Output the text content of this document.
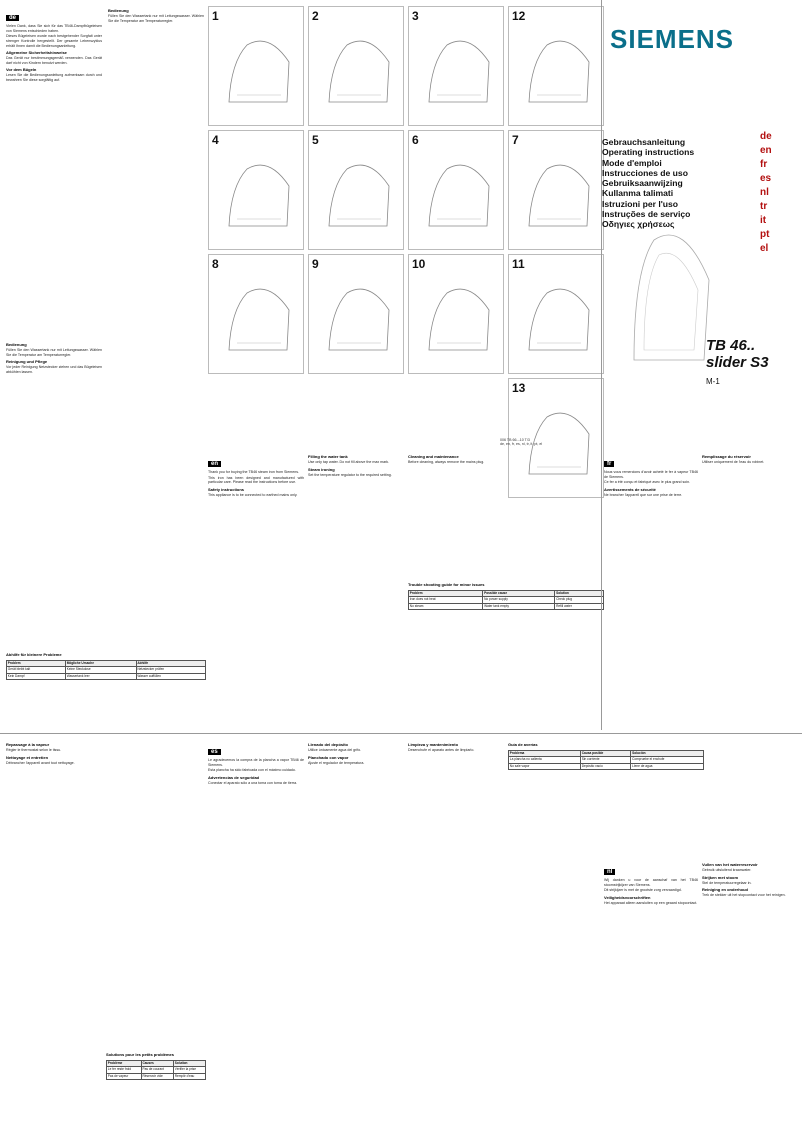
de

Vielen Dank, dass Sie sich für das TB46-Dampfbügeleisen von Siemens entschieden haben.

Dieses Bügeleisen wurde nach bestgehender Sorgfalt unter strenger Kontrolle hergestellt. Der gesamte Lebenszyklus erhält Ihnen damit die Bedienungsanleitung.

Allgemeine Sicherheitshinweise

Das Gerät nur bestimmungsgemäß verwenden. Das Gerät darf nicht von Kindern benutzt werden.

Vor dem Bügeln

Lesen Sie die Bedienungsanleitung aufmerksam durch und bewahren Sie diese sorgfältig auf.

Bedienung

Füllen Sie den Wassertank nur mit Leitungswasser. Wählen Sie die Temperatur am Temperaturregler.

Reinigung und Pflege

Vor jeder Reinigung Netzstecker ziehen und das Bügeleisen abkühlen lassen.

Bedienung

Füllen Sie den Wassertank nur mit Leitungswasser. Wählen Sie die Temperatur am Temperaturregler.

Abhilfe für kleinere Probleme
Problem	Mögliche Ursache	Abhilfe
Gerät bleibt kalt	Keine Steckdose	Netzstecker prüfen
Kein Dampf	Wassertank leer	Wasser auffüllen
1	2	3
4	5	6	7
8	9	10	11
12
13
SIEMENS
Gebrauchsanleitung
Operating instructions
Mode d'emploi
Instrucciones de uso
Gebruiksaanwijzing
Kullanma talimati
Istruzioni per l'uso
Instruções de serviço
Οδηγιες χρήσεως
de
en
fr
es
nl
tr
it
pt
el
TB 46..
slider S3
M-1
006 TB 66..-10 T/3
de, en, fr, es, nl, tr, it, pt, el
en

Thank you for buying the TB46 steam iron from Siemens.

This iron has been designed and manufactured with particular care. Please read the instructions before use.

Safety instructions

This appliance is to be connected to earthed mains only.

Filling the water tank

Use only tap water. Do not fill above the max mark.

Steam ironing

Set the temperature regulator to the required setting.

Cleaning and maintenance

Before cleaning, always remove the mains plug.

Trouble shooting guide for minor issues
Problem	Possible cause	Solution
Iron does not heat	No power supply	Check plug
No steam	Water tank empty	Refill water
fr

Nous vous remercions d'avoir acheté le fer à vapeur TB46 de Siemens.

Ce fer a été conçu et fabriqué avec le plus grand soin.

Avertissements de sécurité

Ne brancher l'appareil que sur une prise de terre.

Remplissage du réservoir

Utiliser uniquement de l'eau du robinet.

Repassage à la vapeur

Régler le thermostat selon le tissu.

Nettoyage et entretien

Débrancher l'appareil avant tout nettoyage.

Solutions pour les petits problèmes
Problème	Causes	Solution
Le fer reste froid	Pas de courant	Vérifier la prise
Pas de vapeur	Réservoir vide	Remplir d'eau
es

Le agradecemos la compra de la plancha a vapor TB46 de Siemens.

Esta plancha ha sido fabricada con el máximo cuidado.

Advertencias de seguridad

Conectar el aparato sólo a una toma con toma de tierra.

Llenado del depósito

Utilice únicamente agua del grifo.

Planchado con vapor

Ajuste el regulador de temperatura.

Limpieza y mantenimiento

Desenchufe el aparato antes de limpiarlo.

Guía de averías
Problema	Causa posible	Solución
La plancha no calienta	Sin corriente	Compruebe el enchufe
No sale vapor	Depósito vacío	Llene de agua
nl

Wij danken u voor de aanschaf van het TB46 stoomstrijkijzer van Siemens.

Dit strijkijzer is met de grootste zorg vervaardigd.

Veiligheidsvoorschriften

Het apparaat alleen aansluiten op een geaard stopcontact.

Vullen van het waterreservoir

Gebruik uitsluitend kraanwater.

Strijken met stoom

Stel de temperatuurregelaar in.

Reiniging en onderhoud

Trek de stekker uit het stopcontact voor het reinigen.
